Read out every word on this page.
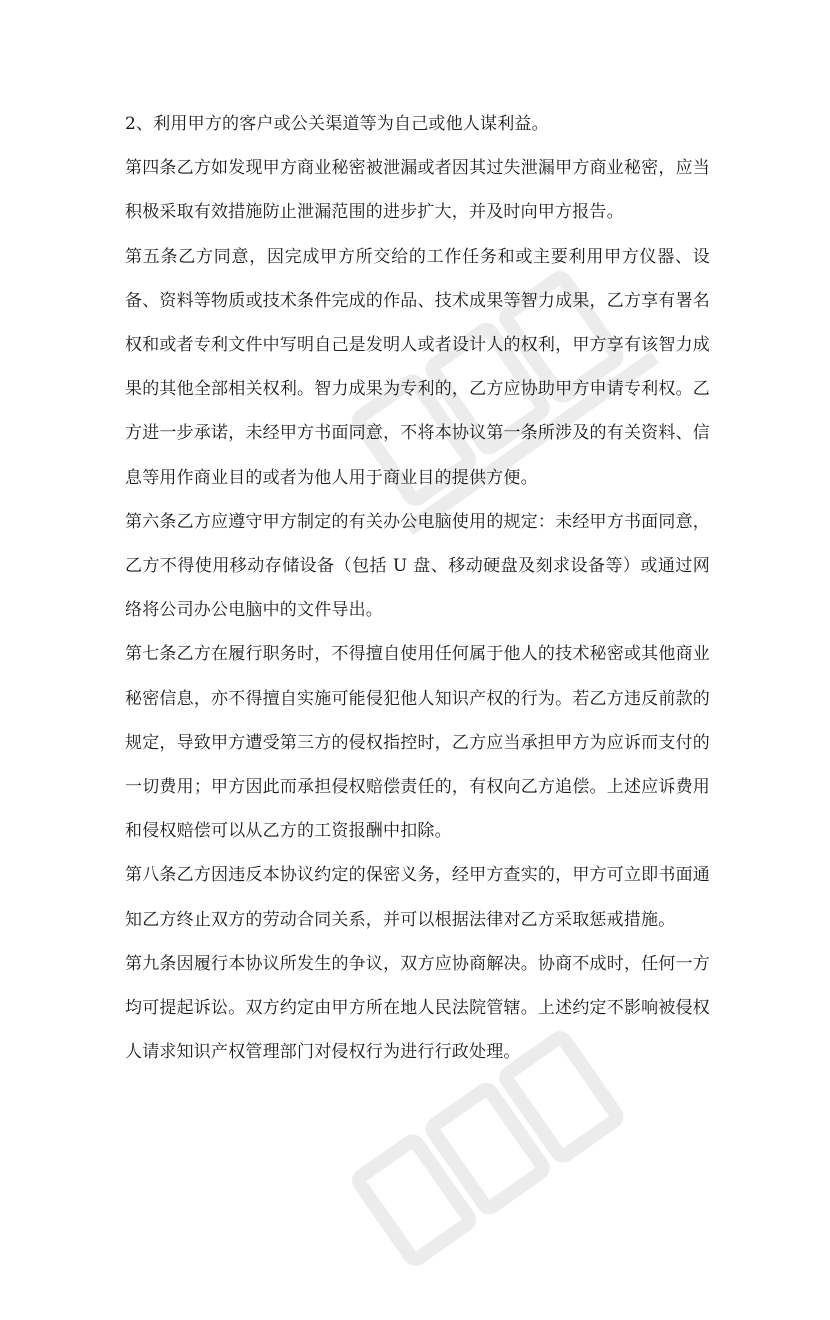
2、利用甲方的客户或公关渠道等为自己或他人谋利益。

第四条乙方如发现甲方商业秘密被泄漏或者因其过失泄漏甲方商业秘密，应当积极采取有效措施防止泄漏范围的进步扩大，并及时向甲方报告。

第五条乙方同意，因完成甲方所交给的工作任务和或主要利用甲方仪器、设备、资料等物质或技术条件完成的作品、技术成果等智力成果，乙方享有署名权和或者专利文件中写明自己是发明人或者设计人的权利，甲方享有该智力成果的其他全部相关权利。智力成果为专利的，乙方应协助甲方申请专利权。乙方进一步承诺，未经甲方书面同意，不将本协议第一条所涉及的有关资料、信息等用作商业目的或者为他人用于商业目的提供方便。

第六条乙方应遵守甲方制定的有关办公电脑使用的规定：未经甲方书面同意，乙方不得使用移动存储设备（包括 U 盘、移动硬盘及刻求设备等）或通过网络将公司办公电脑中的文件导出。

第七条乙方在履行职务时，不得擅自使用任何属于他人的技术秘密或其他商业秘密信息，亦不得擅自实施可能侵犯他人知识产权的行为。若乙方违反前款的规定，导致甲方遭受第三方的侵权指控时，乙方应当承担甲方为应诉而支付的一切费用；甲方因此而承担侵权赔偿责任的，有权向乙方追偿。上述应诉费用和侵权赔偿可以从乙方的工资报酬中扣除。

第八条乙方因违反本协议约定的保密义务，经甲方查实的，甲方可立即书面通知乙方终止双方的劳动合同关系，并可以根据法律对乙方采取惩戒措施。

第九条因履行本协议所发生的争议，双方应协商解决。协商不成时，任何一方均可提起诉讼。双方约定由甲方所在地人民法院管辖。上述约定不影响被侵权人请求知识产权管理部门对侵权行为进行行政处理。
